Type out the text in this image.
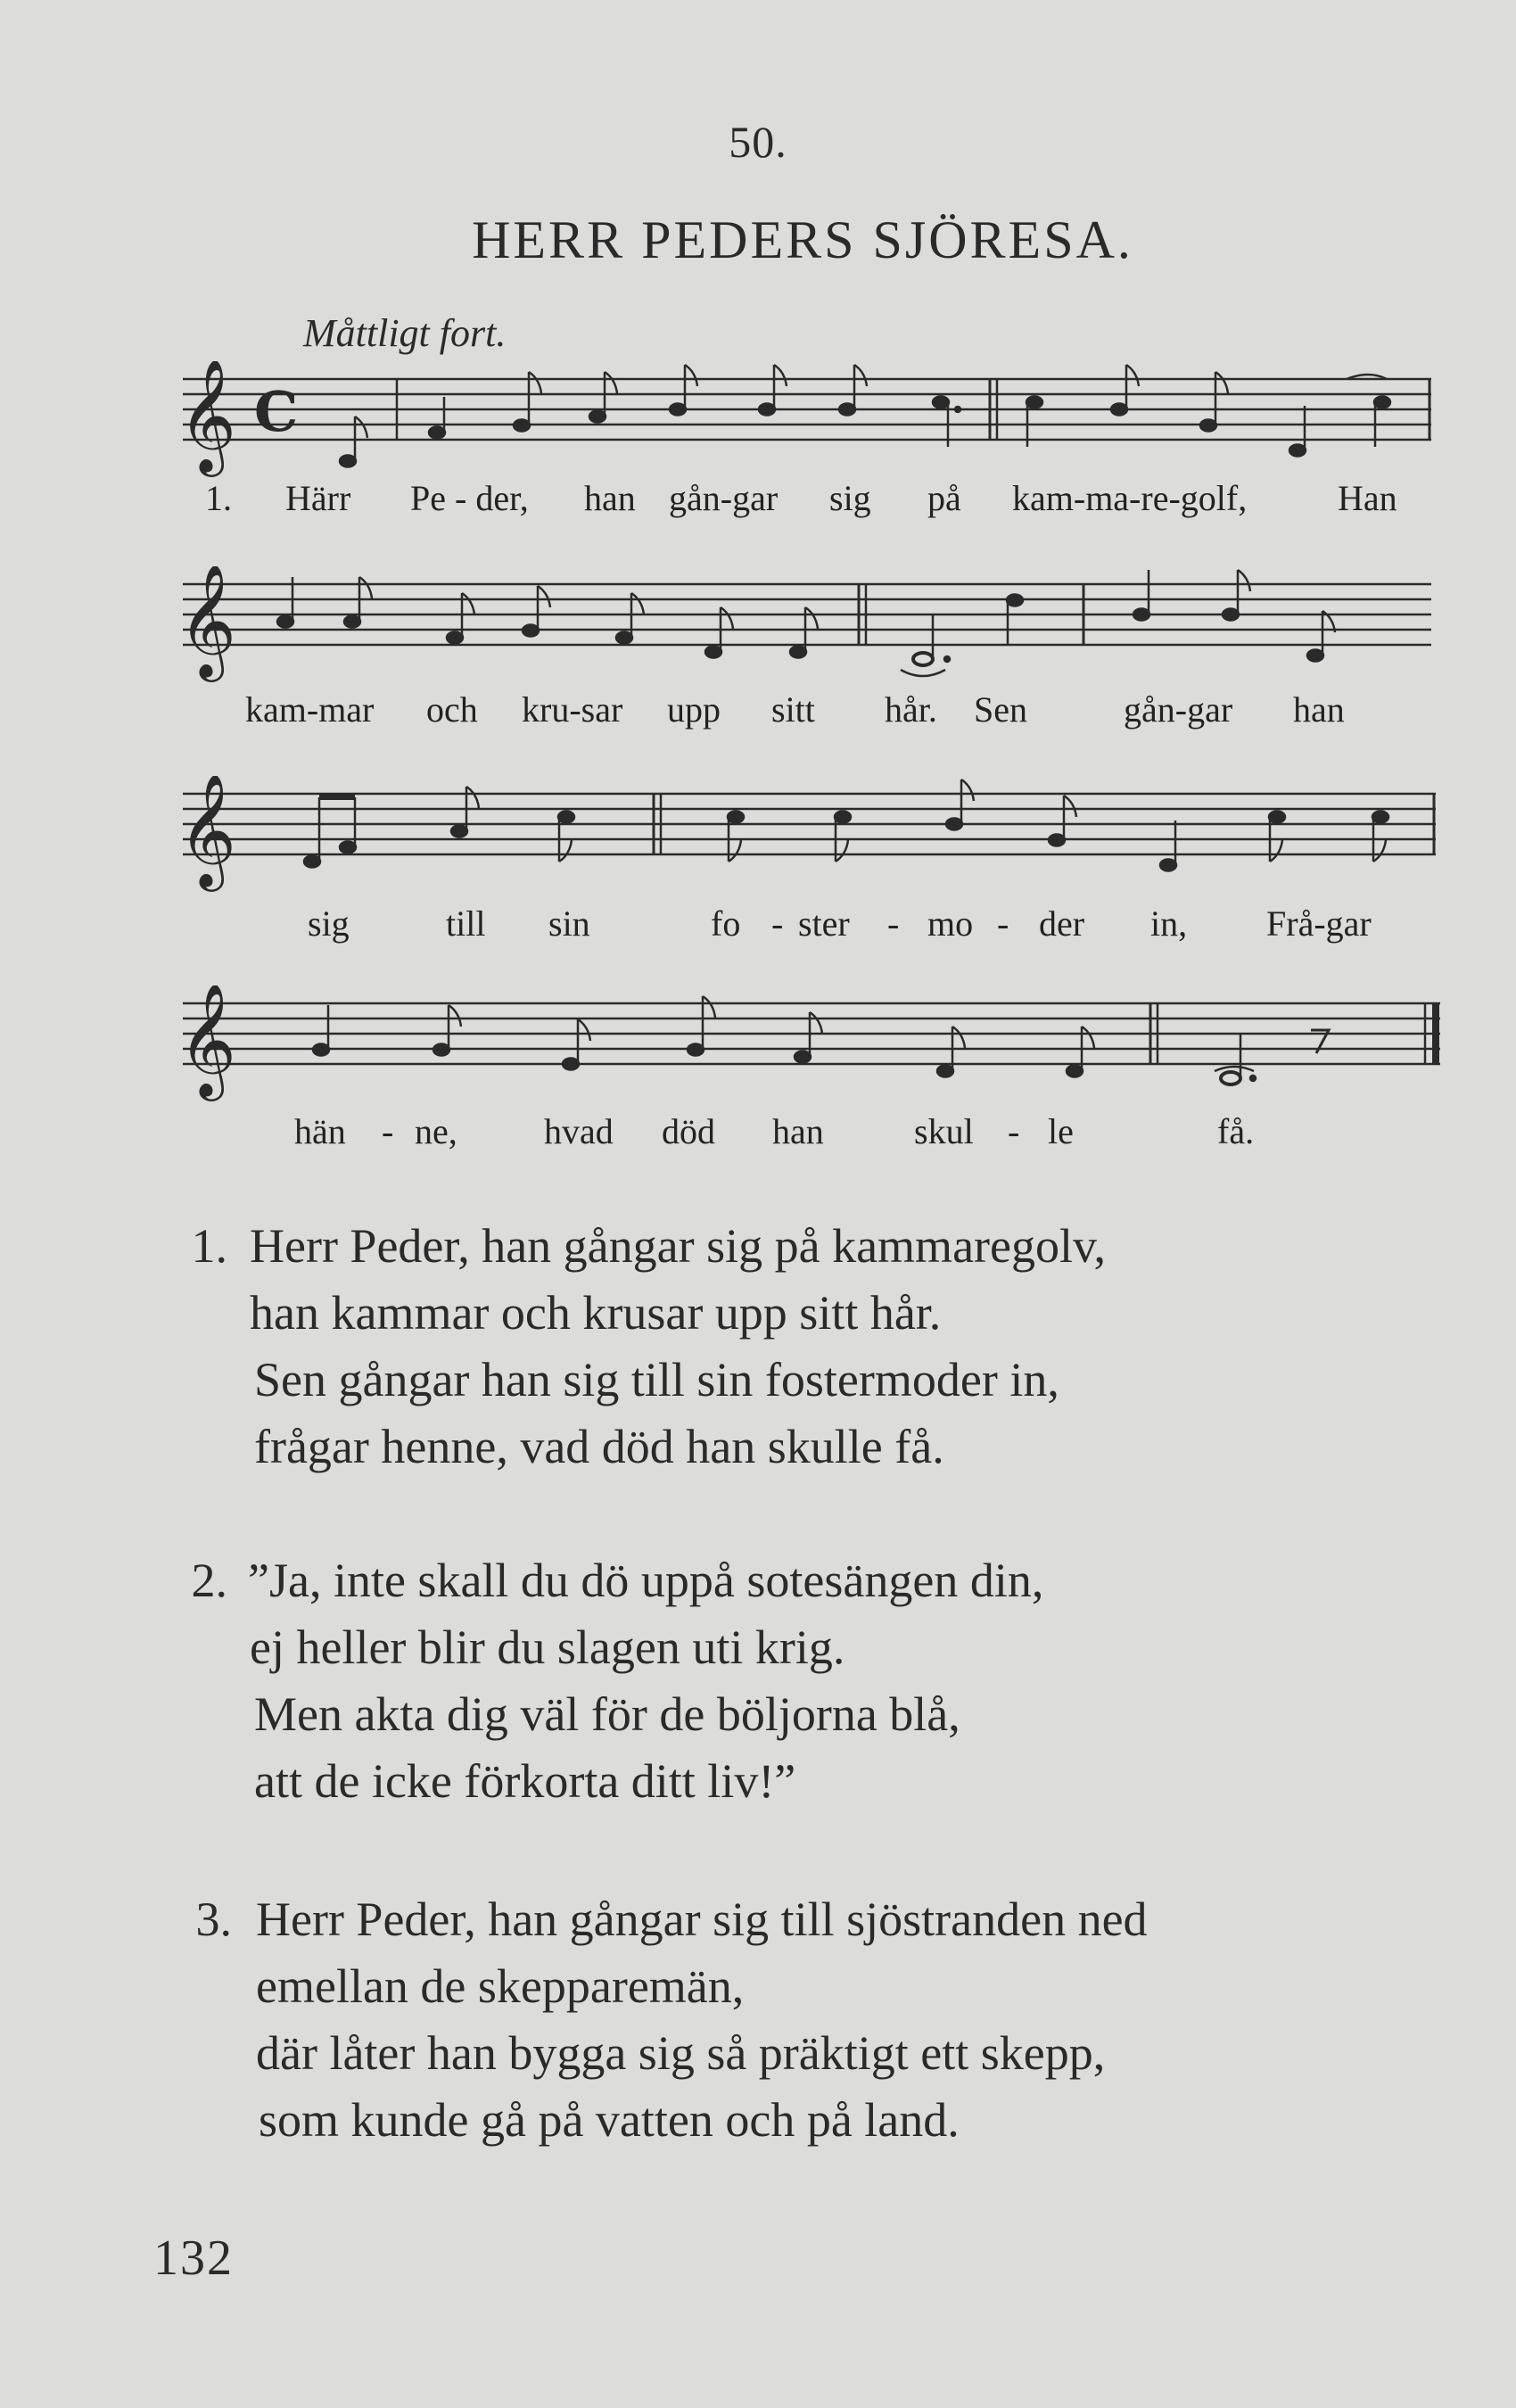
50.
HERR PEDERS SJÖRESA.
Måttligt fort.
𝄞 C
1. Härr Pe - der, han gån-gar sig på kam-ma-re-golf,	Han
𝄞
kam-mar och kru-sar upp sitt hår. Sen	gån-gar han
𝄞
sig	till sin	fo - ster - mo - der in, Frå-gar
𝄞
hän - ne, hvad död han	skul - le	få.
1. Herr Peder, han gångar sig på kammaregolv,
han kammar och krusar upp sitt hår.
Sen gångar han sig till sin fostermoder in,
frågar henne, vad död han skulle få.
2. ”Ja, inte skall du dö uppå sotesängen din,
ej heller blir du slagen uti krig.
Men akta dig väl för de böljorna blå,
att de icke förkorta ditt liv!”
3. Herr Peder, han gångar sig till sjöstranden ned
emellan de skepparemän,
där låter han bygga sig så präktigt ett skepp,
som kunde gå på vatten och på land.
132
